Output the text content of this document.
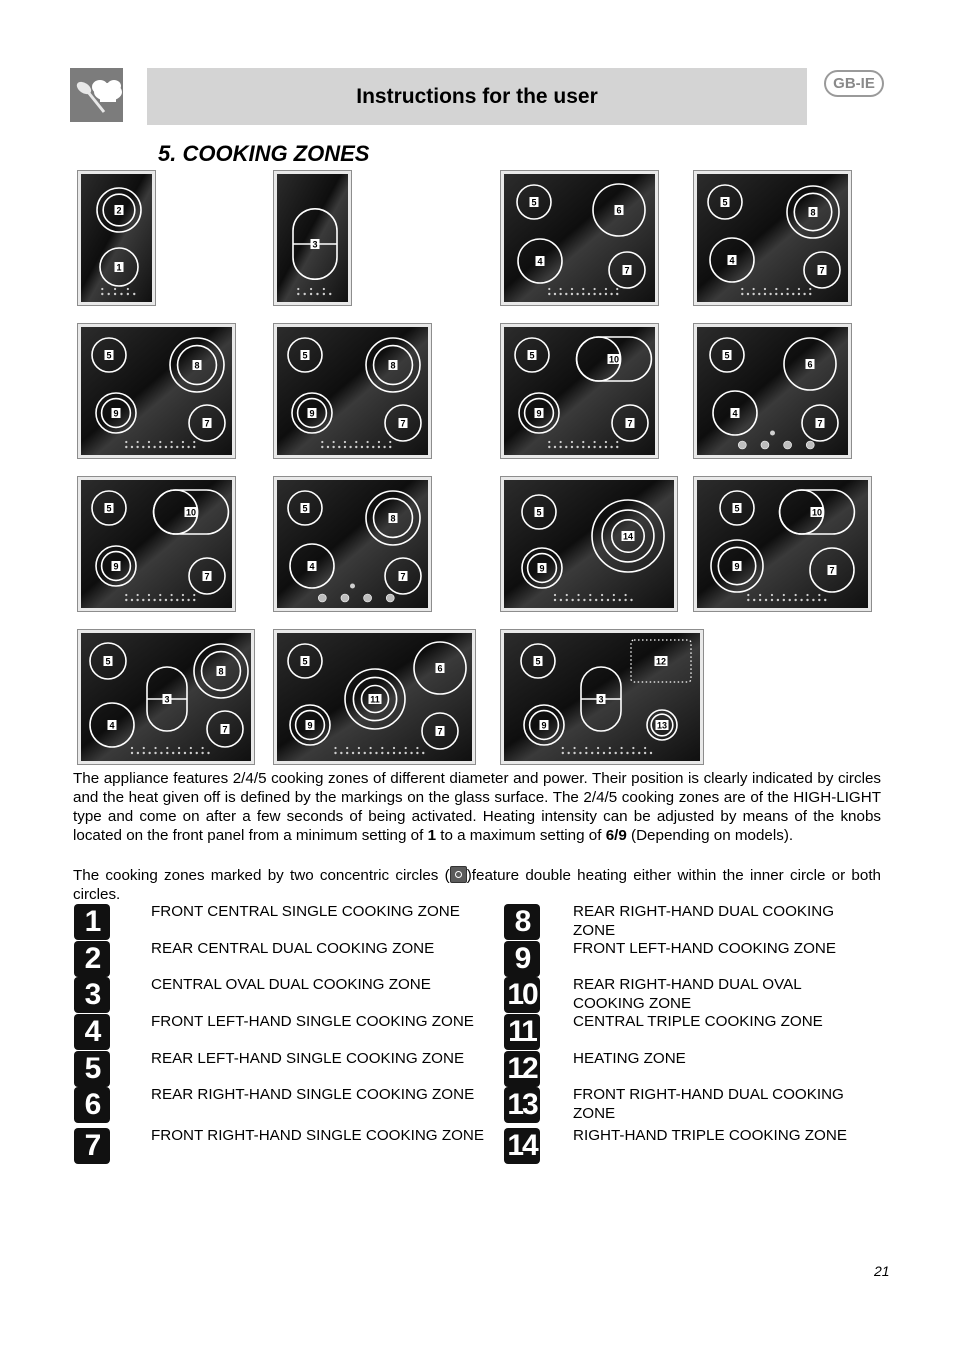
Instructions for the user
GB-IE
5. COOKING ZONES
2
1
3
5
6
4
7
5
8
4
7
5
8
9
7
5
8
9
7
5	10
9
7
5
6
4
7
5	10
9
7
5
8
4
7
5
14
9
5	10
9	7
5
8
3
4	7
5
6
11
9
7
5	12
3
9	13
The appliance features 2/4/5 cooking zones of different diameter and power. Their position is clearly indicated by circles and the heat given off is defined by the markings on the glass surface. The 2/4/5 cooking zones are of the HIGH-LIGHT type and come on after a few seconds of being activated. Heating intensity can be adjusted by means of the knobs located on the front panel from a minimum setting of 1 to a maximum setting of 6/9 (Depending on models).
The cooking zones marked by two concentric circles ( )feature double heating either within the inner circle or both circles.
1	FRONT CENTRAL SINGLE COOKING ZONE
2	REAR CENTRAL DUAL COOKING ZONE
3	CENTRAL OVAL DUAL COOKING ZONE
4	FRONT LEFT-HAND SINGLE COOKING ZONE
5	REAR LEFT-HAND SINGLE COOKING ZONE
6	REAR RIGHT-HAND SINGLE COOKING ZONE
7	FRONT RIGHT-HAND SINGLE COOKING ZONE
8	REAR RIGHT-HAND DUAL COOKING ZONE
9	FRONT LEFT-HAND COOKING ZONE
10 REAR RIGHT-HAND DUAL OVAL COOKING ZONE
11 CENTRAL TRIPLE COOKING ZONE
12 HEATING ZONE
13 FRONT RIGHT-HAND DUAL COOKING ZONE
14 RIGHT-HAND TRIPLE COOKING ZONE
21
